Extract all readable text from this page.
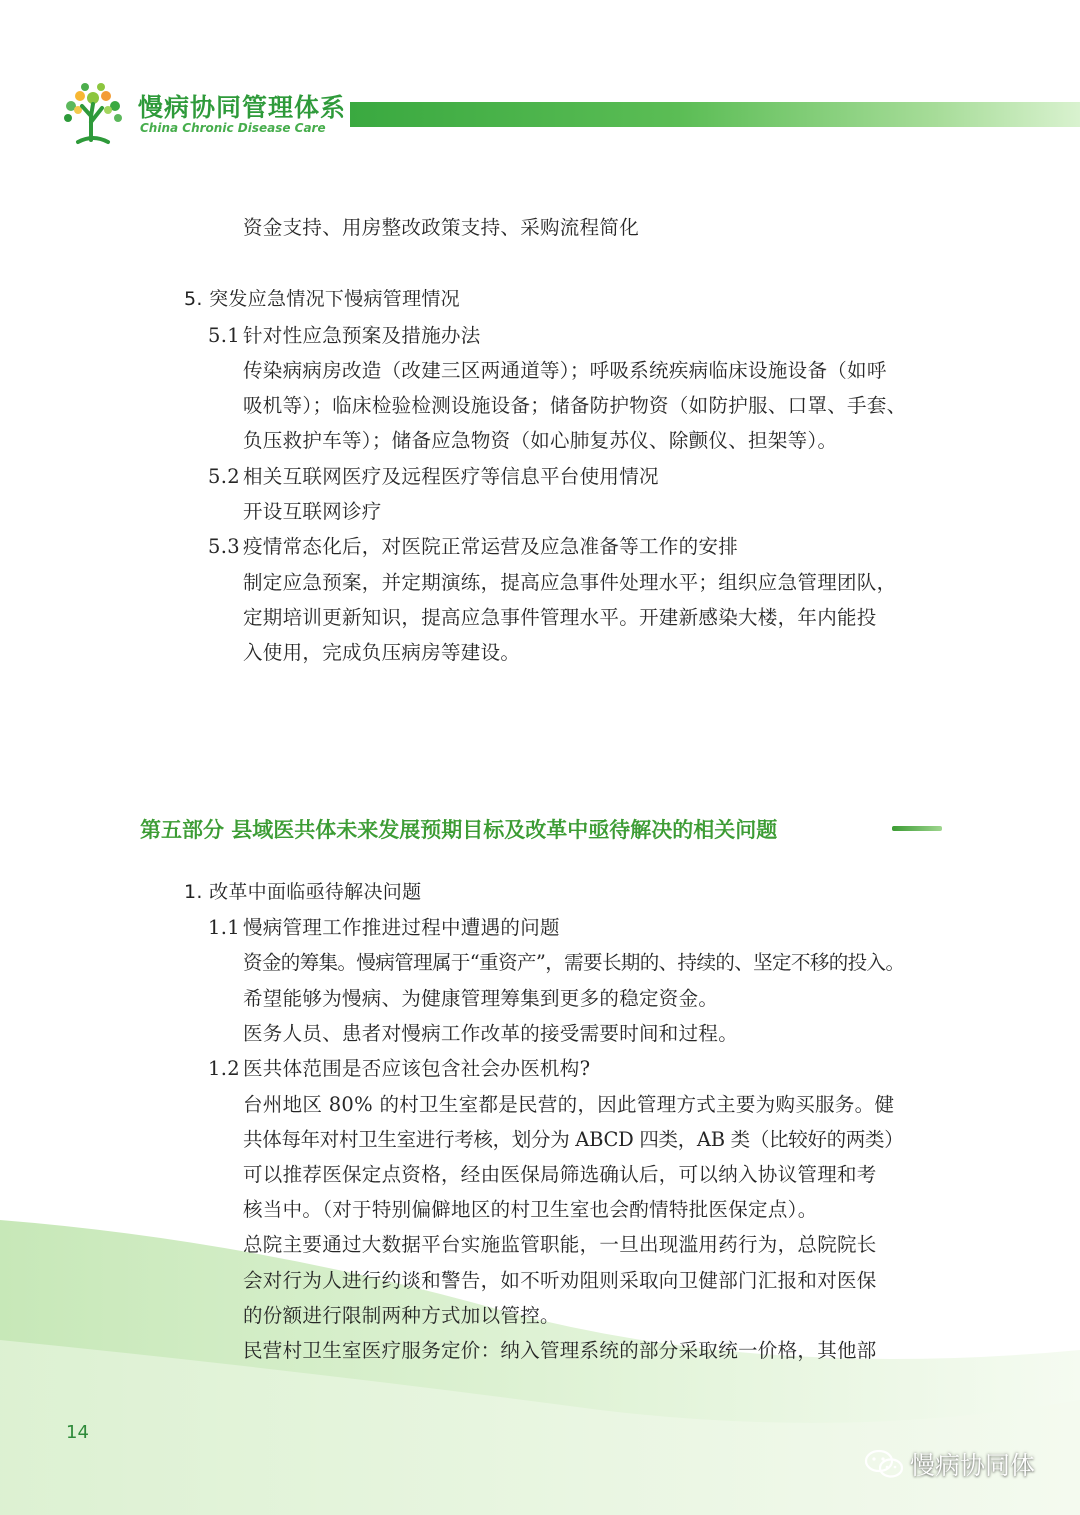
慢病协同管理体系
China Chronic Disease Care
资金支持、用房整改政策支持、采购流程简化
5. 突发应急情况下慢病管理情况
5.1 针对性应急预案及措施办法
传染病病房改造（改建三区两通道等）；呼吸系统疾病临床设施设备（如呼
吸机等）；临床检验检测设施设备；储备防护物资（如防护服、口罩、手套、
负压救护车等）；储备应急物资（如心肺复苏仪、除颤仪、担架等）。
5.2 相关互联网医疗及远程医疗等信息平台使用情况
开设互联网诊疗
5.3 疫情常态化后，对医院正常运营及应急准备等工作的安排
制定应急预案，并定期演练，提高应急事件处理水平；组织应急管理团队，
定期培训更新知识，提高应急事件管理水平。开建新感染大楼，年内能投
入使用，完成负压病房等建设。
第五部分 县域医共体未来发展预期目标及改革中亟待解决的相关问题
1. 改革中面临亟待解决问题
1.1 慢病管理工作推进过程中遭遇的问题
资金的筹集。慢病管理属于“重资产”，需要长期的、持续的、坚定不移的投入。
希望能够为慢病、为健康管理筹集到更多的稳定资金。
医务人员、患者对慢病工作改革的接受需要时间和过程。
1.2 医共体范围是否应该包含社会办医机构?
台州地区 80% 的村卫生室都是民营的，因此管理方式主要为购买服务。健
共体每年对村卫生室进行考核，划分为 ABCD 四类，AB 类（比较好的两类）
可以推荐医保定点资格，经由医保局筛选确认后，可以纳入协议管理和考
核当中。（对于特别偏僻地区的村卫生室也会酌情特批医保定点）。
总院主要通过大数据平台实施监管职能，一旦出现滥用药行为，总院院长
会对行为人进行约谈和警告，如不听劝阻则采取向卫健部门汇报和对医保
的份额进行限制两种方式加以管控。
民营村卫生室医疗服务定价：纳入管理系统的部分采取统一价格，其他部
14
慢病协同体
